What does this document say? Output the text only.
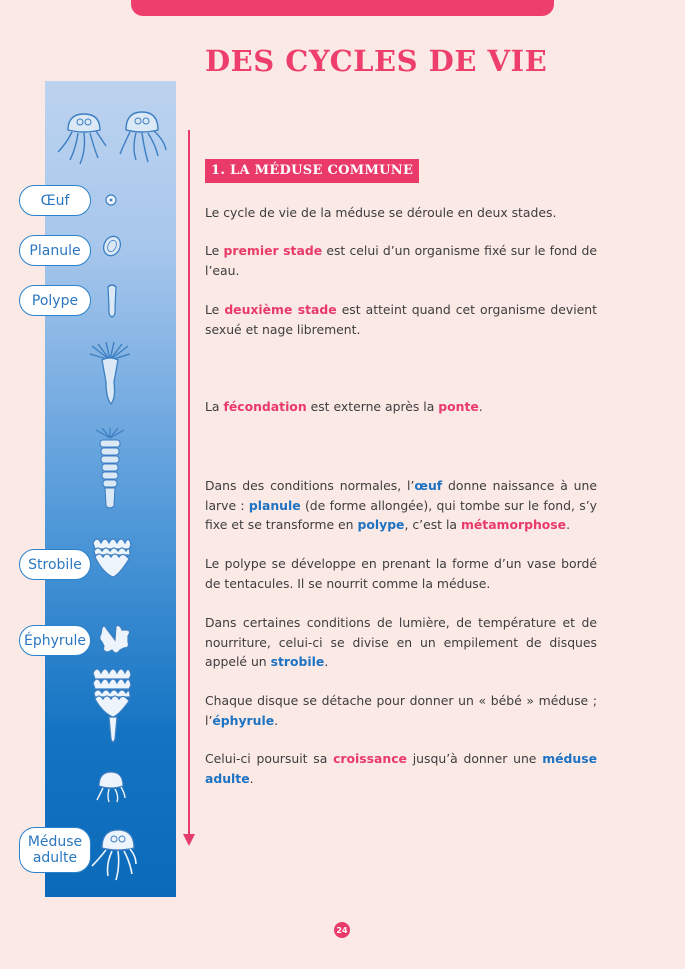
DES CYCLES DE VIE
Œuf
Planule
Polype
Strobile
Éphyrule
Méduse
adulte
1. LA MÉDUSE COMMUNE

Le cycle de vie de la méduse se déroule en deux stades.

Le premier stade est celui d’un organisme fixé sur le fond de l’eau.

Le deuxième stade est atteint quand cet organisme devient sexué et nage librement.

La fécondation est externe après la ponte.

Dans des conditions normales, l’œuf donne naissance à une larve : planule (de forme allongée), qui tombe sur le fond, s’y fixe et se transforme en polype, c’est la métamorphose.

Le polype se développe en prenant la forme d’un vase bordé de tentacules. Il se nourrit comme la méduse.

Dans certaines conditions de lumière, de température et de nourriture, celui-ci se divise en un empilement de disques appelé un strobile.

Chaque disque se détache pour donner un « bébé » méduse ; l’éphyrule.

Celui-ci poursuit sa croissance jusqu’à donner une méduse adulte.

24
